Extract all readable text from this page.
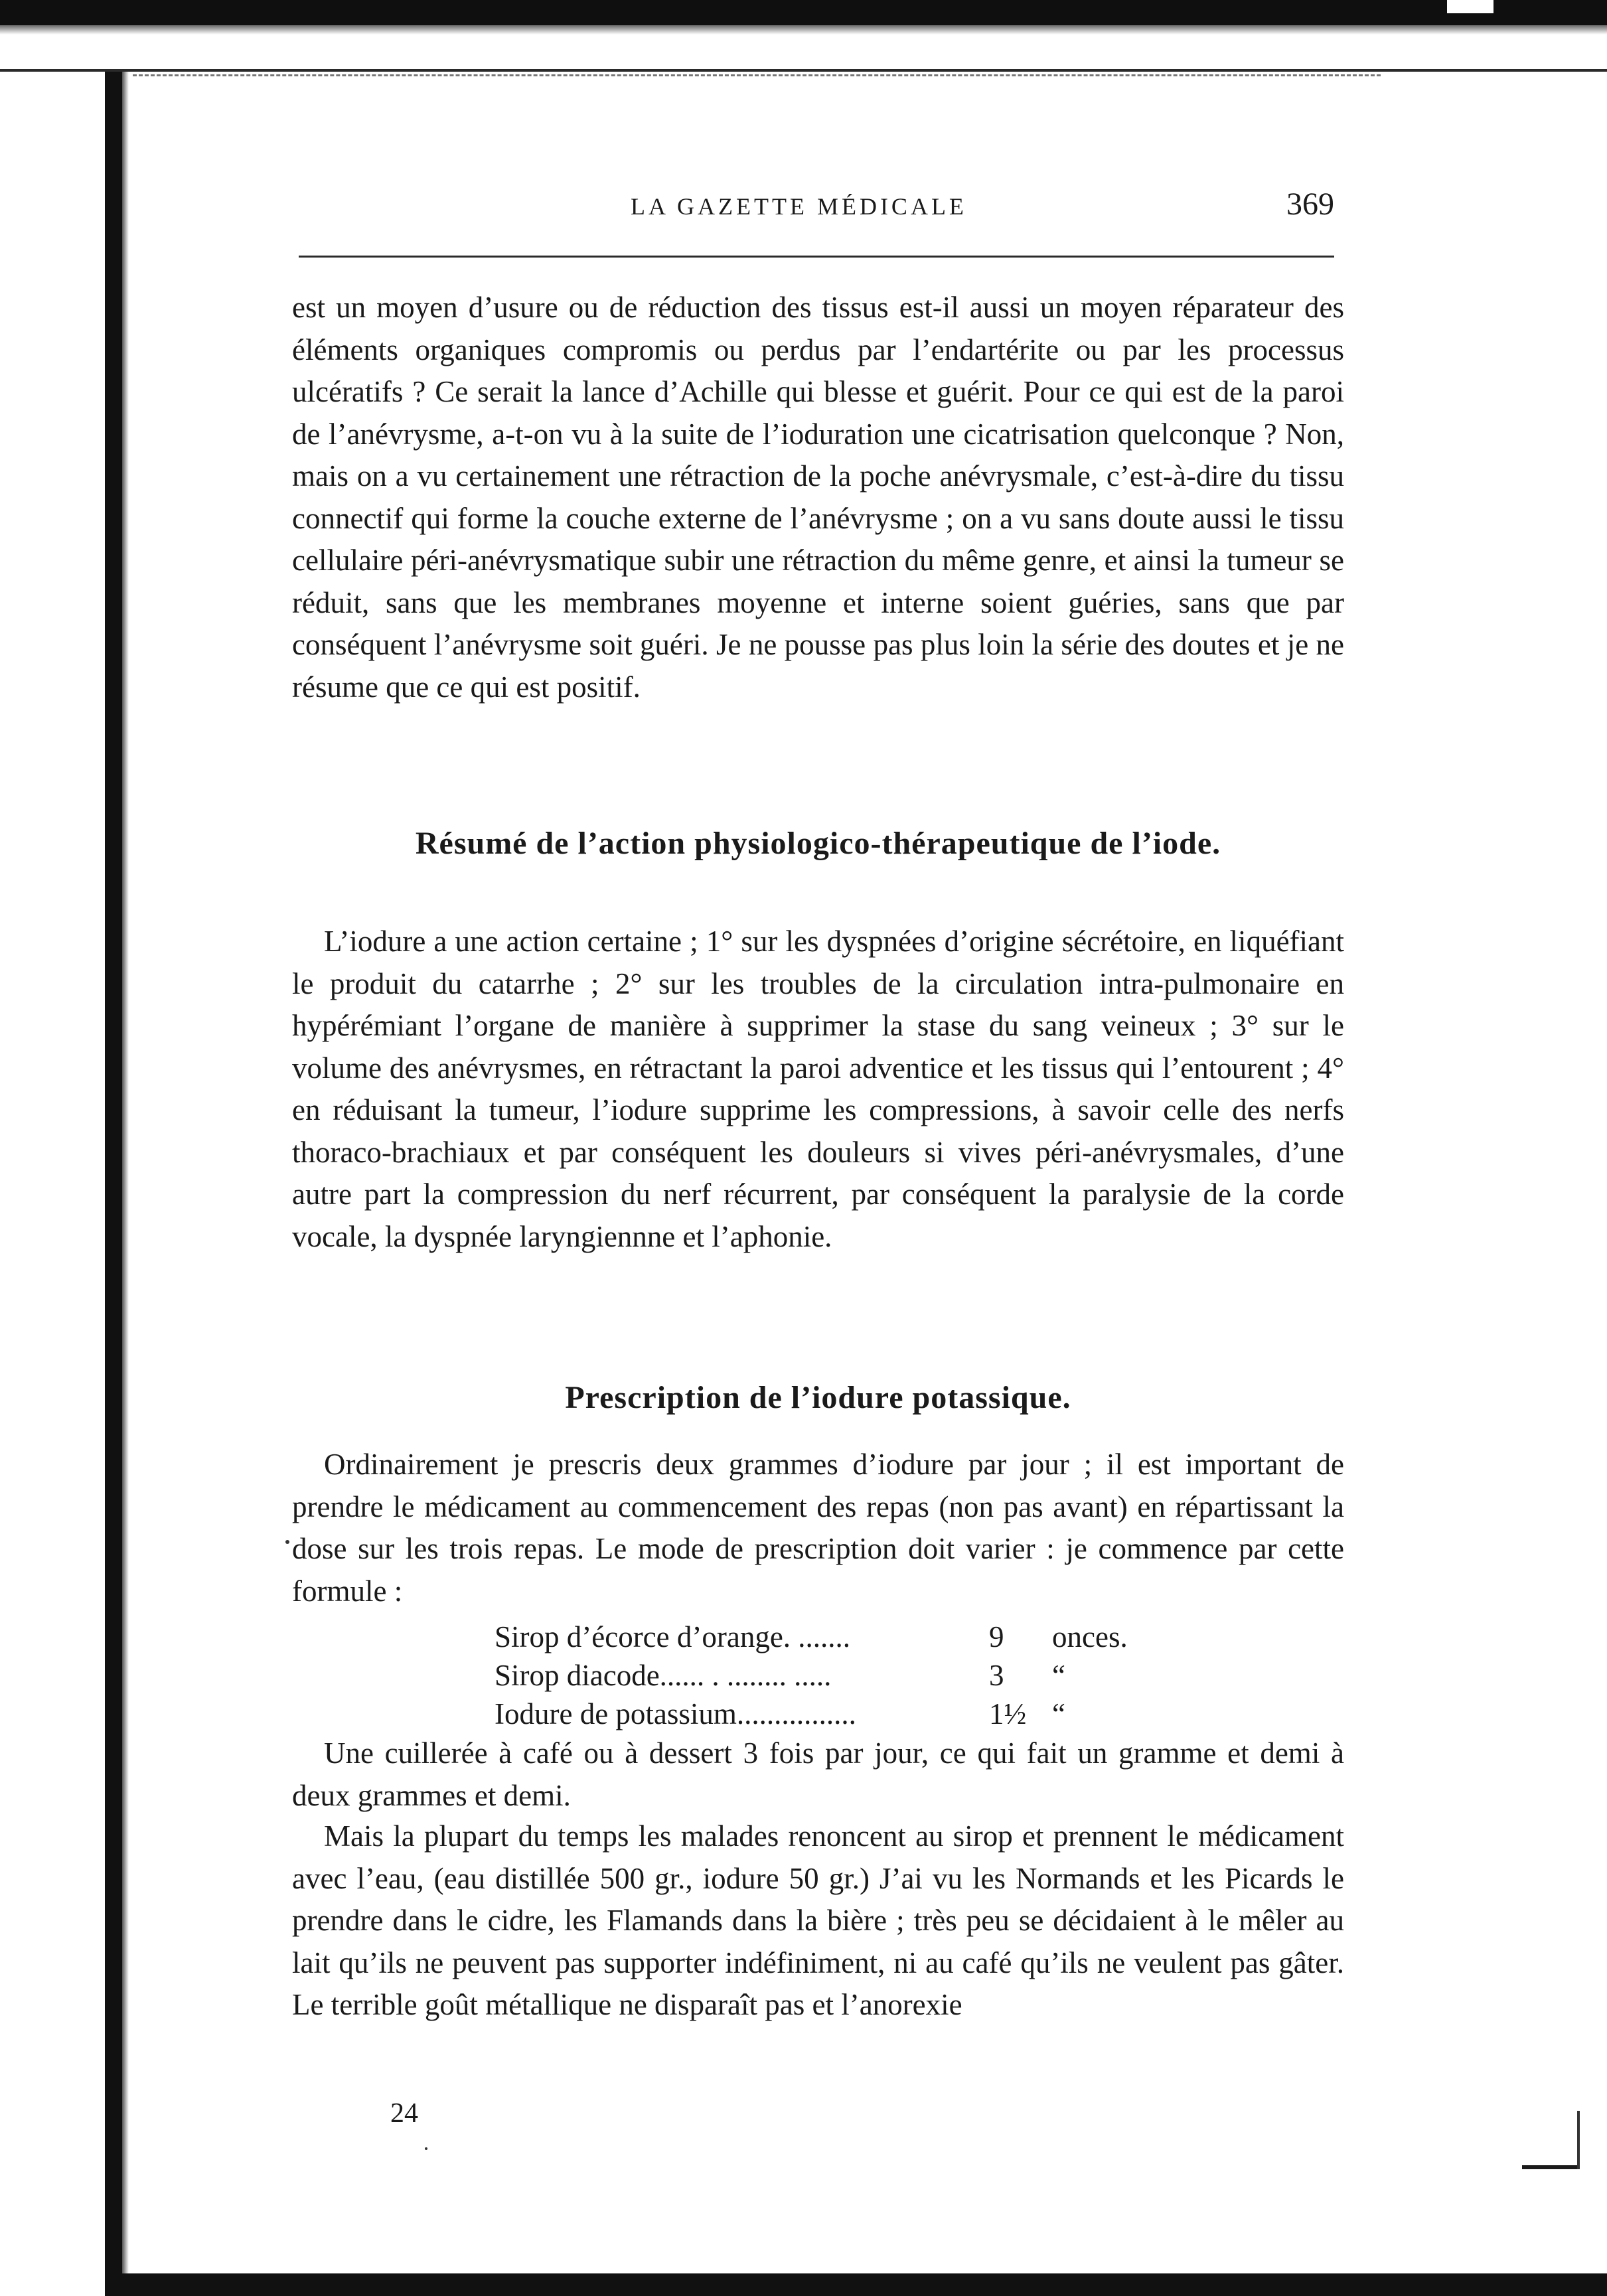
LA GAZETTE MÉDICALE	369

est un moyen d’usure ou de réduction des tissus est-il aussi un moyen réparateur des éléments organiques compromis ou perdus par l’endartérite ou par les processus ulcératifs ? Ce serait la lance d’Achille qui blesse et guérit. Pour ce qui est de la paroi de l’anévrysme, a-t-on vu à la suite de l’ioduration une cicatrisation quelconque ? Non, mais on a vu certainement une rétraction de la poche anévrysmale, c’est-à-dire du tissu connectif qui forme la couche externe de l’anévrysme ; on a vu sans doute aussi le tissu cellulaire péri-anévrysmatique subir une rétraction du même genre, et ainsi la tumeur se réduit, sans que les membranes moyenne et interne soient guéries, sans que par conséquent l’anévrysme soit guéri. Je ne pousse pas plus loin la série des doutes et je ne résume que ce qui est positif.

Résumé de l’action physiologico-thérapeutique de l’iode.

L’iodure a une action certaine ; 1° sur les dyspnées d’origine sécrétoire, en liquéfiant le produit du catarrhe ; 2° sur les troubles de la circulation intra-pulmonaire en hypérémiant l’organe de manière à supprimer la stase du sang veineux ; 3° sur le volume des anévrysmes, en rétractant la paroi adventice et les tissus qui l’entourent ; 4° en réduisant la tumeur, l’iodure supprime les compressions, à savoir celle des nerfs thoraco-brachiaux et par conséquent les douleurs si vives péri-anévrysmales, d’une autre part la compression du nerf récurrent, par conséquent la paralysie de la corde vocale, la dyspnée laryngiennne et l’aphonie.

Prescription de l’iodure potassique.

Ordinairement je prescris deux grammes d’iodure par jour ; il est important de prendre le médicament au commencement des repas (non pas avant) en répartissant la dose sur les trois repas. Le mode de prescription doit varier : je commence par cette formule :

Sirop d’écorce d’orange. .......	9 onces.
Sirop diacode...... . ........ .....	3 “
Iodure de potassium................	1½ “

Une cuillerée à café ou à dessert 3 fois par jour, ce qui fait un gramme et demi à deux grammes et demi.

Mais la plupart du temps les malades renoncent au sirop et prennent le médicament avec l’eau, (eau distillée 500 gr., iodure 50 gr.) J’ai vu les Normands et les Picards le prendre dans le cidre, les Flamands dans la bière ; très peu se décidaient à le mêler au lait qu’ils ne peuvent pas supporter indéfiniment, ni au café qu’ils ne veulent pas gâter. Le terrible goût métallique ne disparaît pas et l’anorexie

24
